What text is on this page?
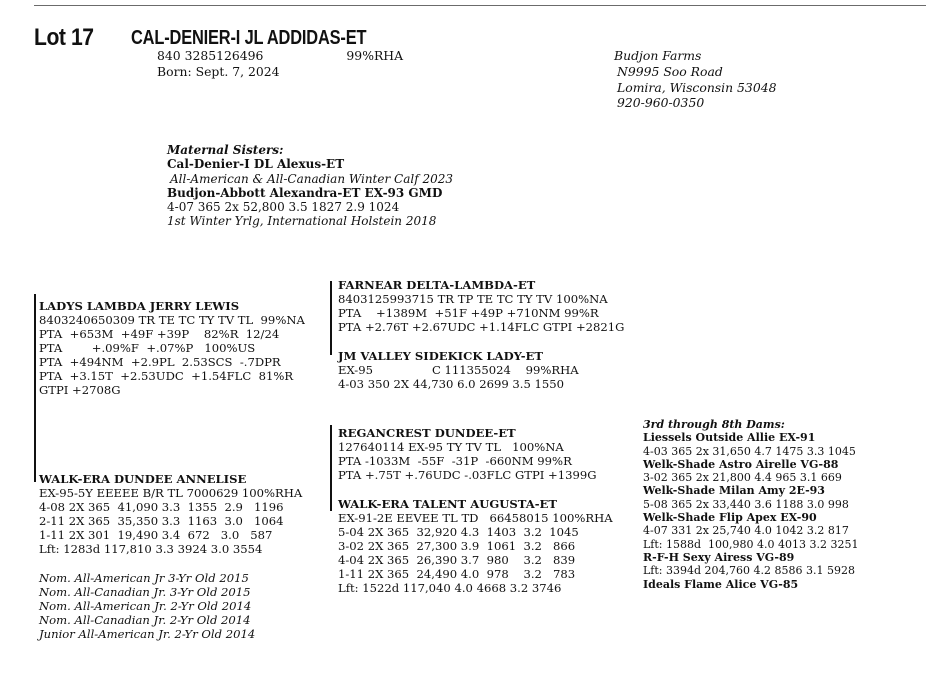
Lot 17 CAL-DENIER-I JL ADDIDAS-ET
840 3285126496	99%RHA
Born: Sept. 7, 2024
Budjon Farms
N9995 Soo Road
Lomira, Wisconsin 53048
920-960-0350
Maternal Sisters:
Cal-Denier-I DL Alexus-ET
All-American & All-Canadian Winter Calf 2023
Budjon-Abbott Alexandra-ET EX-93 GMD
4-07 365 2x 52,800 3.5 1827 2.9 1024
1st Winter Yrlg, International Holstein 2018
LADYS LAMBDA JERRY LEWIS
8403240650309 TR TE TC TY TV TL  99%NA
PTA  +653M  +49F +39P    82%R  12/24
PTA        +.09%F  +.07%P   100%US
PTA  +494NM  +2.9PL  2.53SCS  -.7DPR
PTA  +3.15T  +2.53UDC  +1.54FLC  81%R
GTPI +2708G
FARNEAR DELTA-LAMBDA-ET
8403125993715 TR TP TE TC TY TV 100%NA
PTA    +1389M  +51F +49P +710NM 99%R
PTA +2.76T +2.67UDC +1.14FLC GTPI +2821G
JM VALLEY SIDEKICK LADY-ET
EX-95                C 111355024    99%RHA
4-03 350 2X 44,730 6.0 2699 3.5 1550
WALK-ERA DUNDEE ANNELISE
EX-95-5Y EEEEE B/R TL 7000629 100%RHA
4-08 2X 365  41,090 3.3  1355  2.9   1196
2-11 2X 365  35,350 3.3  1163  3.0   1064
1-11 2X 301  19,490 3.4  672   3.0   587
Lft: 1283d 117,810 3.3 3924 3.0 3554
Nom. All-American Jr 3-Yr Old 2015
Nom. All-Canadian Jr. 3-Yr Old 2015
Nom. All-American Jr. 2-Yr Old 2014
Nom. All-Canadian Jr. 2-Yr Old 2014
Junior All-American Jr. 2-Yr Old 2014
REGANCREST DUNDEE-ET
127640114 EX-95 TY TV TL   100%NA
PTA -1033M  -55F  -31P  -660NM 99%R
PTA +.75T +.76UDC -.03FLC GTPI +1399G
WALK-ERA TALENT AUGUSTA-ET
EX-91-2E EEVEE TL TD   66458015 100%RHA
5-04 2X 365  32,920 4.3  1403  3.2  1045
3-02 2X 365  27,300 3.9  1061  3.2   866
4-04 2X 365  26,390 3.7  980    3.2   839
1-11 2X 365  24,490 4.0  978    3.2   783
Lft: 1522d 117,040 4.0 4668 3.2 3746
3rd through 8th Dams:
Liessels Outside Allie EX-91
4-03 365 2x 31,650 4.7 1475 3.3 1045
Welk-Shade Astro Airelle VG-88
3-02 365 2x 21,800 4.4 965 3.1 669
Welk-Shade Milan Amy 2E-93
5-08 365 2x 33,440 3.6 1188 3.0 998
Welk-Shade Flip Apex EX-90
4-07 331 2x 25,740 4.0 1042 3.2 817
Lft: 1588d  100,980 4.0 4013 3.2 3251
R-F-H Sexy Airess VG-89
Lft: 3394d 204,760 4.2 8586 3.1 5928
Ideals Flame Alice VG-85
